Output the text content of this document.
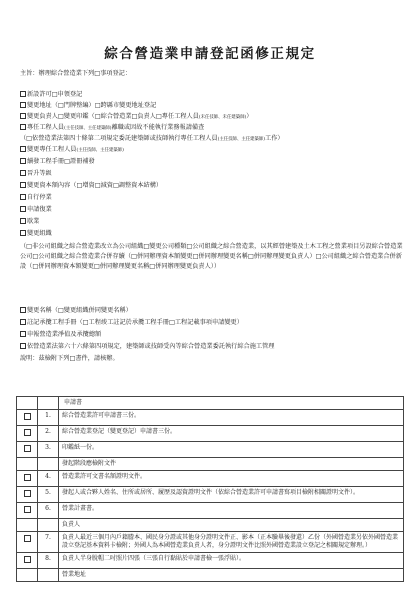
綜合營造業申請登記函修正規定
主旨：辦理綜合營造業下列□事項登記：
新設許可□申領登記
變更地址（□門牌整編）□跨縣市變更地址登記
變更負責人□變更印鑑（□綜合營造業□負責人□專任工程人員(未任技師、未任建築師)）
專任工程人員(主任技師、主任建築師)離職或因故不能執行業務報請備查
（□依營造業法第四十條第二項規定委託建築師或技師執行專任工程人員(主任技師、主任建築師)工作）
變更專任工程人員(主任技師、主任建築師)
續發工程手冊□證冊補發
晉升等級
變更資本額內容（□增資□減資□調整資本結構）
自行停業
申請復業
歇業
變更組織
（□非公司組織之綜合營造業改立為公司組織□變更公司種類□公司組織之綜合營造業，以其經營建築及土木工程之營業項目另設綜合營造業公司□公司組織之綜合營造業合併存續（□併同辦理資本額變更□併同辦理變更名稱□併同辦理變更負責人）□公司組織之綜合營造業合併新設（□併同辦理資本額變更□併同辦理變更名稱□併同辦理變更負責人））
變更名稱（□變更組織併同變更名稱）
註記承攬工程手冊（□工程竣工註記於承攬工程手冊□工程記載事項申請變更）
申報營造業淨值及承攬總額
依營造業法第六十六條第四項規定，建築師或技師受內等綜合營造業委託執行綜合施工管理
說明：茲檢附下列□書件，請核辦。
		申請書
	1.	綜合營造業許可申請書三份。
	2.	綜合營造業登記（變更登記）申請書三份。
	3.	印鑑紙一份。
		發起階段應檢附文件
	4.	營造業許可文書名額證明文件。
	5.	發起人或合夥人姓名、住所或居所、履歷及認資證明文件（依綜合營造業許可申請書寫項目檢附相關證明文件）。
	6.	營業計畫書。
		負責人
	7.	負責人最近三個月內戶籍謄本、國民身分證或其他身分證明文件正、影本（正本驗畢後發還）乙份（外國營造業另依外國營造業設立登記基本資料卡檢附；外國人為本國營造業負責人者，身分證明文件比照外國營造業設立登記之相關規定辦理。）
	8.	負責人半身脫帽二吋照片四張（三張自行黏貼於申請書檢一張浮貼）。
		營業地址
